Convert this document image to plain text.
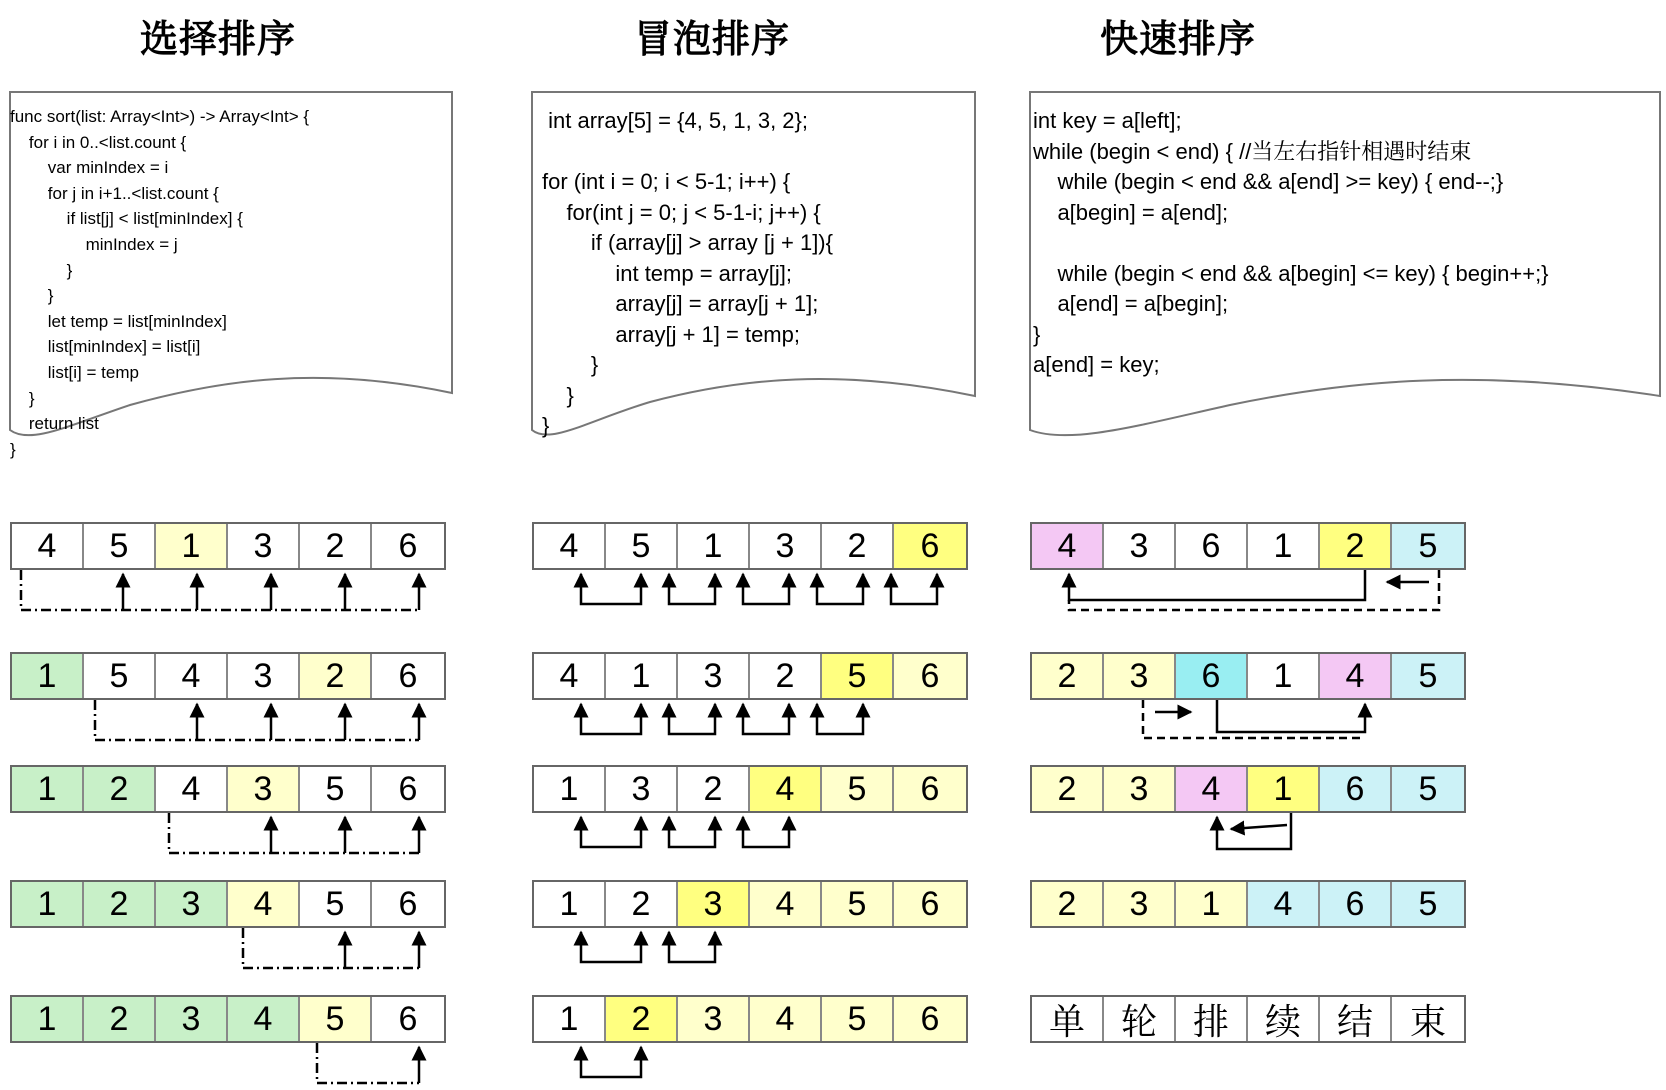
选择排序	冒泡排序	快速排序
func sort(list: Array<Int>) -> Array<Int> {
for i in 0..<list.count {
var minIndex = i
for j in i+1..<list.count {
if list[j] < list[minIndex] {
minIndex = j
}
}
let temp = list[minIndex]
list[minIndex] = list[i]
list[i] = temp
}
return list
}
int array[5] = {4, 5, 1, 3, 2};

for (int i = 0; i < 5-1; i++) {
for(int j = 0; j < 5-1-i; j++) {
if (array[j] > array [j + 1]){
int temp = array[j];
array[j] = array[j + 1];
array[j + 1] = temp;
}
}
}
int key = a[left];
while (begin < end) { //当左右指针相遇时结束
while (begin < end && a[end] >= key) { end--;}
a[begin] = a[end];

while (begin < end && a[begin] <= key) { begin++;}
a[end] = a[begin];
}
a[end] = key;
4	5	1	3	2	6
1	5	4	3	2	6
1	2	4	3	5	6
1	2	3	4	5	6
1	2	3	4	5	6
4	5	1	3	2	6
4	1	3	2	5	6
1	3	2	4	5	6
1	2	3	4	5	6
1	2	3	4	5	6
4	3	6	1	2	5
2	3	6	1	4	5
2	3	4	1	6	5
2	3	1	4	6	5
单 轮 排 续 结	束
